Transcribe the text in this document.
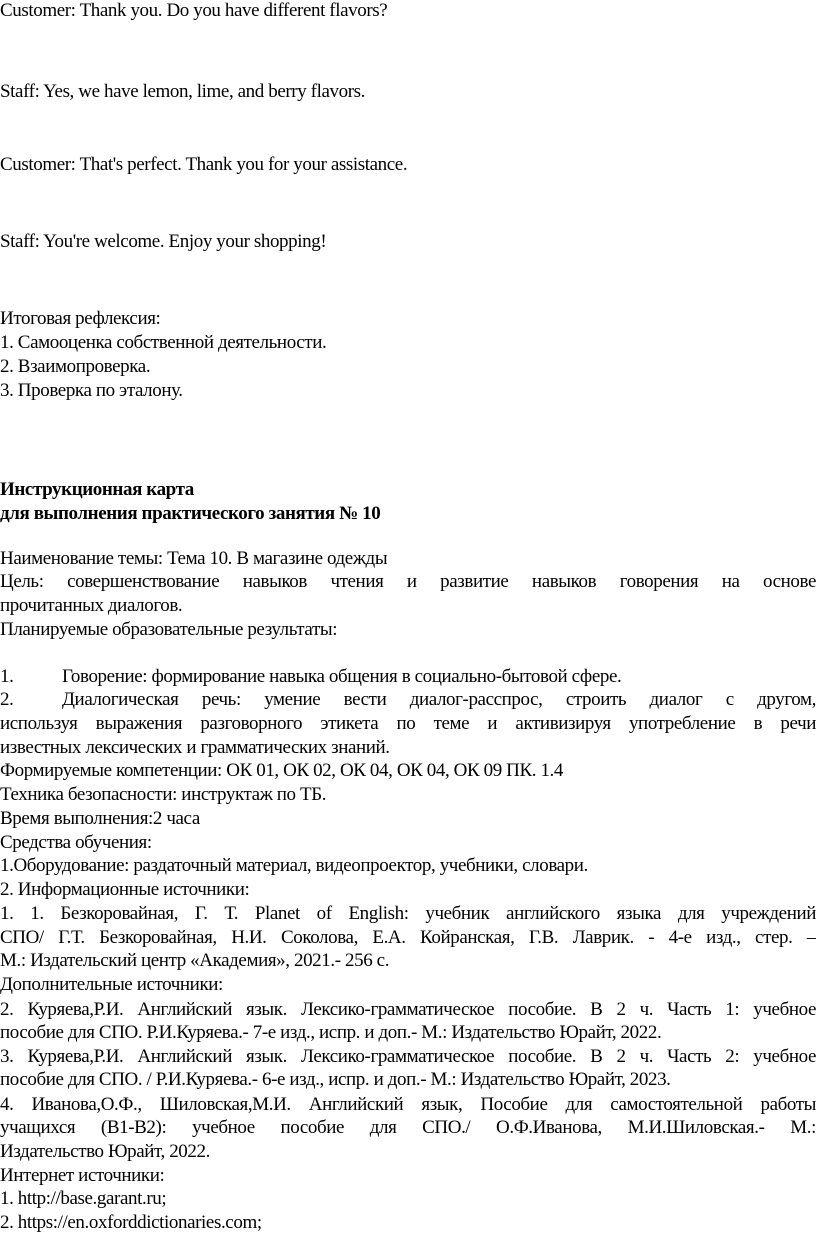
Customer: Thank you. Do you have different flavors?
Staff: Yes, we have lemon, lime, and berry flavors.
Customer: That's perfect. Thank you for your assistance.
Staff: You're welcome. Enjoy your shopping!
Итоговая рефлексия:
1. Самооценка собственной деятельности.
2. Взаимопроверка.
3. Проверка по эталону.
Инструкционная карта
для выполнения практического занятия № 10
Наименование темы: Тема 10. В магазине одежды
Цель: совершенствование навыков чтения и развитие навыков говорения на основе
прочитанных диалогов.
Планируемые образовательные результаты:
1.	Говорение: формирование навыка общения в социально-бытовой сфере.
2.	Диалогическая речь: умение вести диалог-расспрос, строить диалог с другом,
используя выражения разговорного этикета по теме и активизируя употребление в речи
известных лексических и грамматических знаний.
Формируемые компетенции: ОК 01, ОК 02, ОК 04, ОК 04, ОК 09 ПК. 1.4
Техника безопасности: инструктаж по ТБ.
Время выполнения:2 часа
Средства обучения:
1.Оборудование: раздаточный материал, видеопроектор, учебники, словари.
2. Информационные источники:
1. 1. Безкоровайная, Г. Т. Planet of English: учебник английского языка для учреждений
СПО/ Г.Т. Безкоровайная, Н.И. Соколова, Е.А. Койранская, Г.В. Лаврик. - 4-е изд., стер. –
М.: Издательский центр «Академия», 2021.- 256 с.
Дополнительные источники:
2. Куряева,Р.И. Английский язык. Лексико-грамматическое пособие. В 2 ч. Часть 1: учебное
пособие для СПО. Р.И.Куряева.- 7-е изд., испр. и доп.- М.: Издательство Юрайт, 2022.
3. Куряева,Р.И. Английский язык. Лексико-грамматическое пособие. В 2 ч. Часть 2: учебное
пособие для СПО. / Р.И.Куряева.- 6-е изд., испр. и доп.- М.: Издательство Юрайт, 2023.
4. Иванова,О.Ф., Шиловская,М.И. Английский язык, Пособие для самостоятельной работы
учащихся (В1-В2): учебное пособие для СПО./ О.Ф.Иванова, М.И.Шиловская.- М.:
Издательство Юрайт, 2022.
Интернет источники:
1. http://base.garant.ru;
2. https://en.oxforddictionaries.com;
